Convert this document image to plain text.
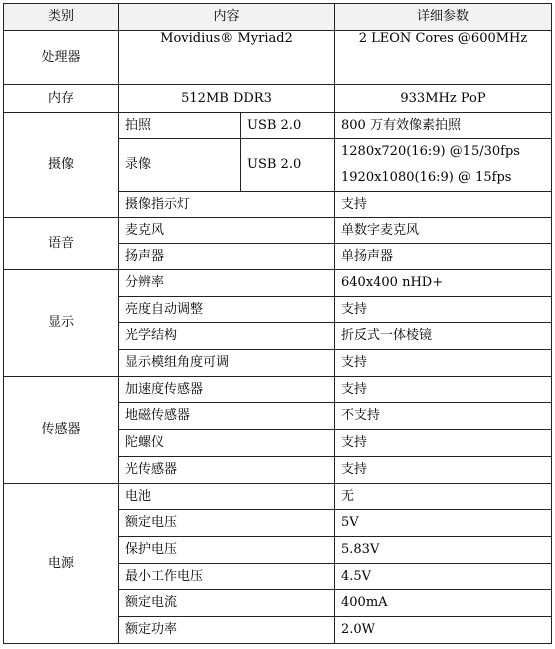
类别	内容		详细参数
处理器	Movidius® Myriad2		2 LEON Cores @600MHz
内存	512MB DDR3		933MHz PoP
摄像	拍照	USB 2.0	800 万有效像素拍照
	录像	USB 2.0	1280x720(16:9) @15/30fps
1920x1080(16:9) @ 15fps

	摄像指示灯		支持
语音	麦克风		单数字麦克风
	扬声器		单扬声器
显示	分辨率		640x400 nHD+
	亮度自动调整		支持
	光学结构		折反式一体棱镜
	显示模组角度可调		支持
传感器	加速度传感器		支持
	地磁传感器		不支持
	陀螺仪		支持
	光传感器		支持
电源	电池		无
	额定电压		5V
	保护电压		5.83V
	最小工作电压		4.5V
	额定电流		400mA
	额定功率		2.0W
